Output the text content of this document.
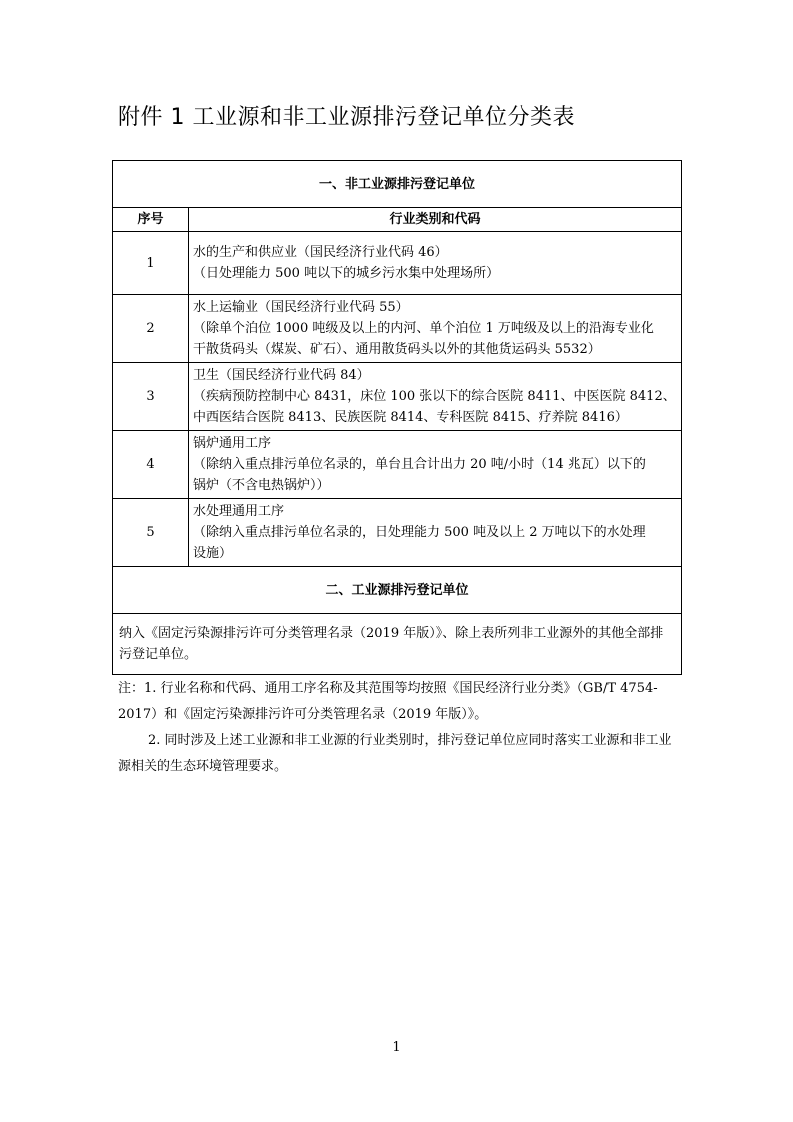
附件 1 工业源和非工业源排污登记单位分类表
一、非工业源排污登记单位	
序号	行业类别和代码
1	水的生产和供应业（国民经济行业代码 46）
（日处理能力 500 吨以下的城乡污水集中处理场所）

2	水上运输业（国民经济行业代码 55）
（除单个泊位 1000 吨级及以上的内河、单个泊位 1 万吨级及以上的沿海专业化
干散货码头（煤炭、矿石）、通用散货码头以外的其他货运码头 5532）

3	卫生（国民经济行业代码 84）
（疾病预防控制中心 8431，床位 100 张以下的综合医院 8411、中医医院 8412、
中西医结合医院 8413、民族医院 8414、专科医院 8415、疗养院 8416）

4	锅炉通用工序
（除纳入重点排污单位名录的，单台且合计出力 20 吨/小时（14 兆瓦）以下的
锅炉（不含电热锅炉））

5	水处理通用工序
（除纳入重点排污单位名录的，日处理能力 500 吨及以上 2 万吨以下的水处理
设施）

二、工业源排污登记单位	
纳入《固定污染源排污许可分类管理名录（2019 年版）》、除上表所列非工业源外的其他全部排污登记单位。	

注：1. 行业名称和代码、通用工序名称及其范围等均按照《国民经济行业分类》（GB/T 4754-2017）和《固定污染源排污许可分类管理名录（2019 年版）》。

2. 同时涉及上述工业源和非工业源的行业类别时，排污登记单位应同时落实工业源和非工业源相关的生态环境管理要求。

1
